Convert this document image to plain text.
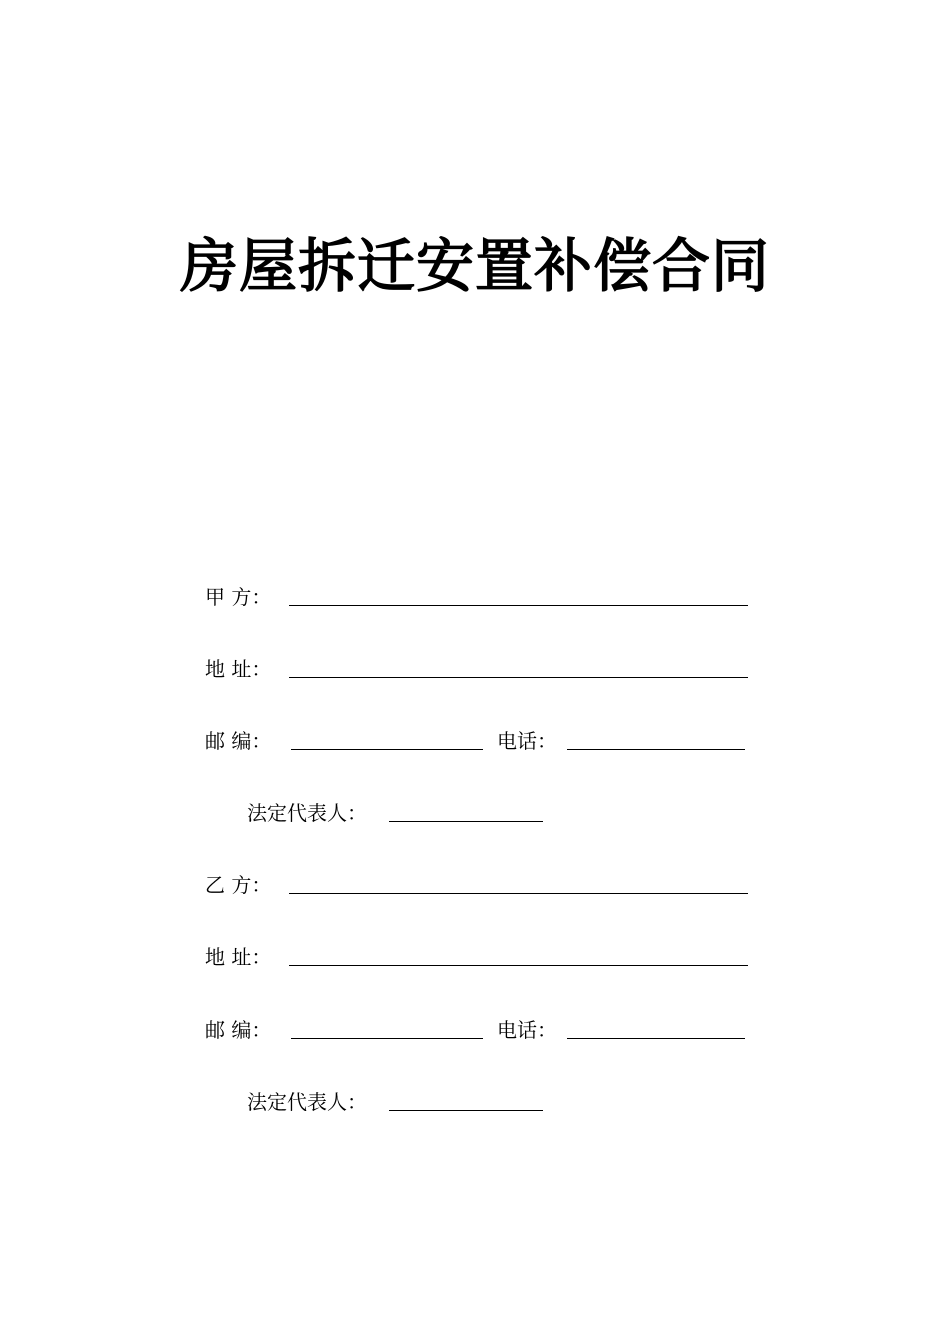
房屋拆迁安置补偿合同
甲 方：
地 址：
邮 编：	电话：
法定代表人：
乙 方：
地 址：
邮 编：	电话：
法定代表人：
